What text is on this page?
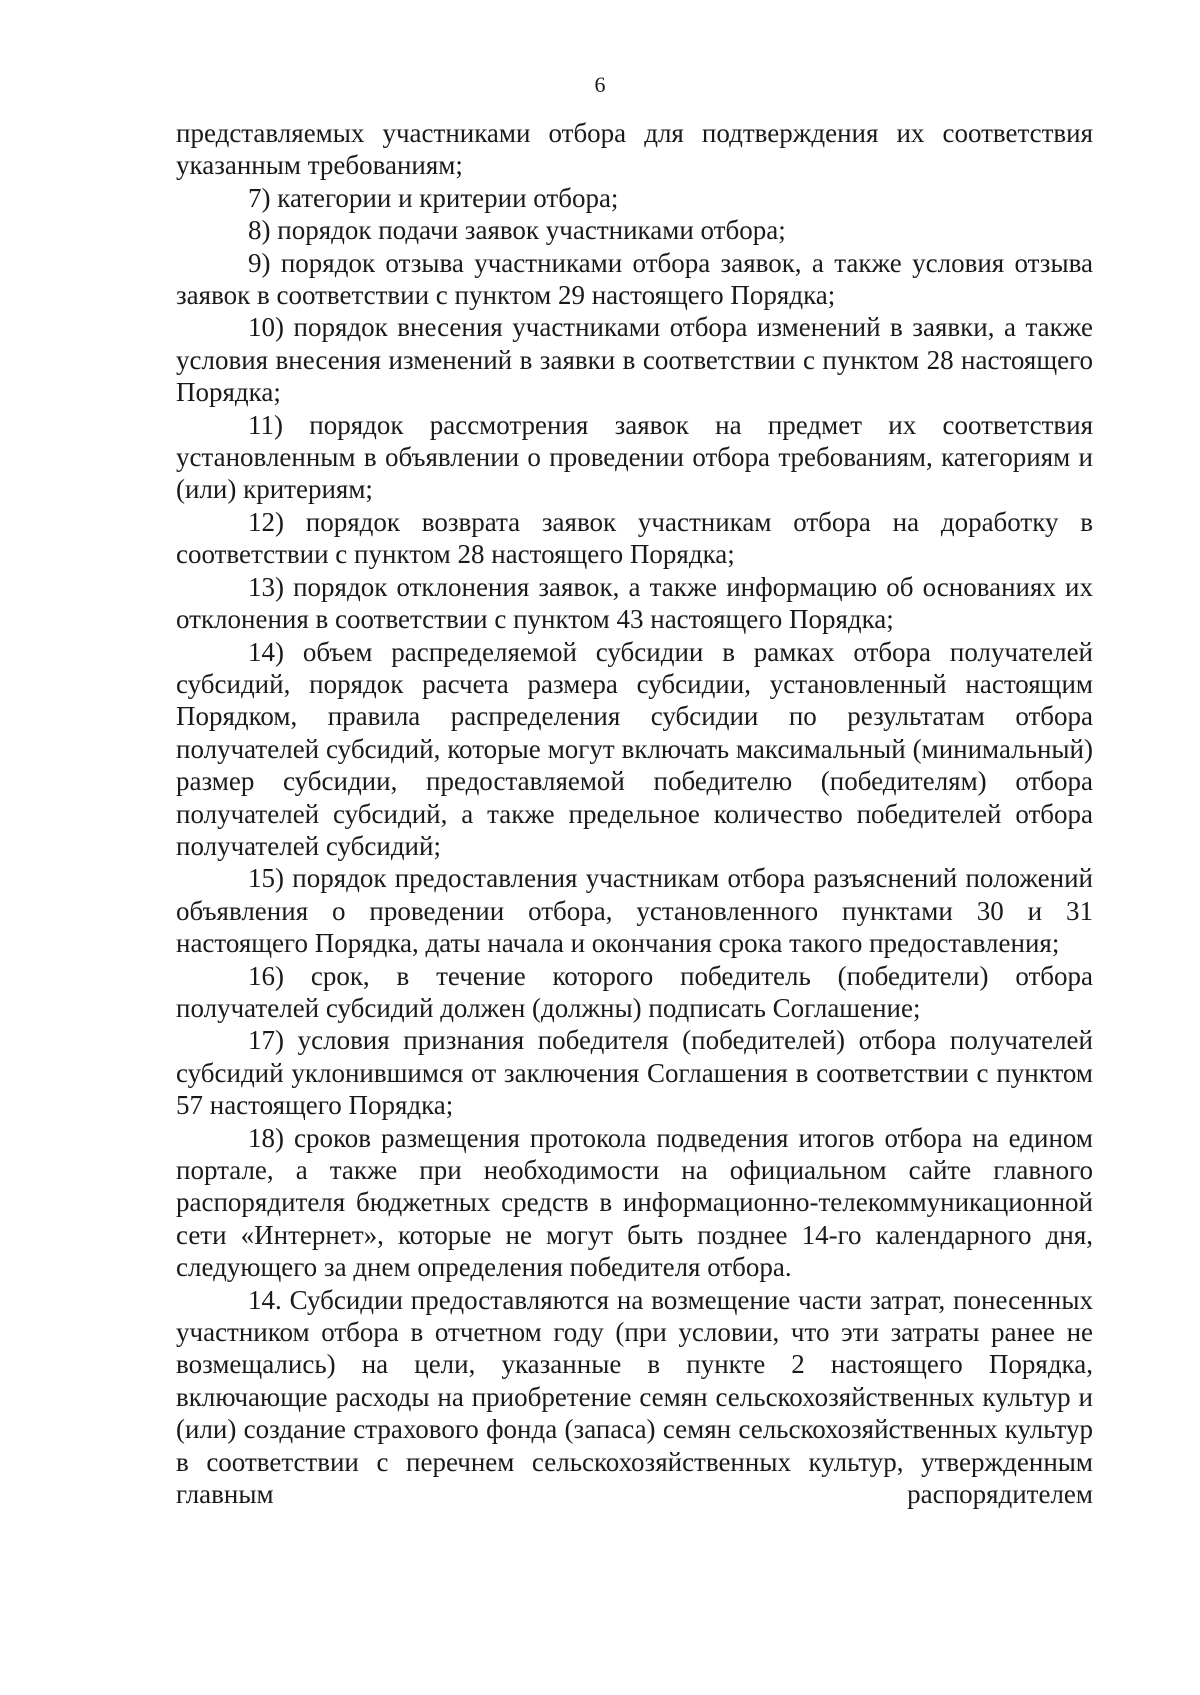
6

представляемых участниками отбора для подтверждения их соответствия указанным требованиям;

7) категории и критерии отбора;

8) порядок подачи заявок участниками отбора;

9) порядок отзыва участниками отбора заявок, а также условия отзыва заявок в соответствии с пунктом 29 настоящего Порядка;

10) порядок внесения участниками отбора изменений в заявки, а также условия внесения изменений в заявки в соответствии с пунктом 28 настоящего Порядка;

11) порядок рассмотрения заявок на предмет их соответствия установленным в объявлении о проведении отбора требованиям, категориям и (или) критериям;

12) порядок возврата заявок участникам отбора на доработку в соответствии с пунктом 28 настоящего Порядка;

13) порядок отклонения заявок, а также информацию об основаниях их отклонения в соответствии с пунктом 43 настоящего Порядка;

14) объем распределяемой субсидии в рамках отбора получателей субсидий, порядок расчета размера субсидии, установленный настоящим Порядком, правила распределения субсидии по результатам отбора получателей субсидий, которые могут включать максимальный (минимальный) размер субсидии, предоставляемой победителю (победителям) отбора получателей субсидий, а также предельное количество победителей отбора получателей субсидий;

15) порядок предоставления участникам отбора разъяснений положений объявления о проведении отбора, установленного пунктами 30 и 31 настоящего Порядка, даты начала и окончания срока такого предоставления;

16) срок, в течение которого победитель (победители) отбора получателей субсидий должен (должны) подписать Соглашение;

17) условия признания победителя (победителей) отбора получателей субсидий уклонившимся от заключения Соглашения в соответствии с пунктом 57 настоящего Порядка;

18) сроков размещения протокола подведения итогов отбора на едином портале, а также при необходимости на официальном сайте главного распорядителя бюджетных средств в информационно-телекоммуникационной сети «Интернет», которые не могут быть позднее 14-го календарного дня, следующего за днем определения победителя отбора.

14. Субсидии предоставляются на возмещение части затрат, понесенных участником отбора в отчетном году (при условии, что эти затраты ранее не возмещались) на цели, указанные в пункте 2 настоящего Порядка, включающие расходы на приобретение семян сельскохозяйственных культур и (или) создание страхового фонда (запаса) семян сельскохозяйственных культур в соответствии с перечнем сельскохозяйственных культур, утвержденным главным распорядителем
